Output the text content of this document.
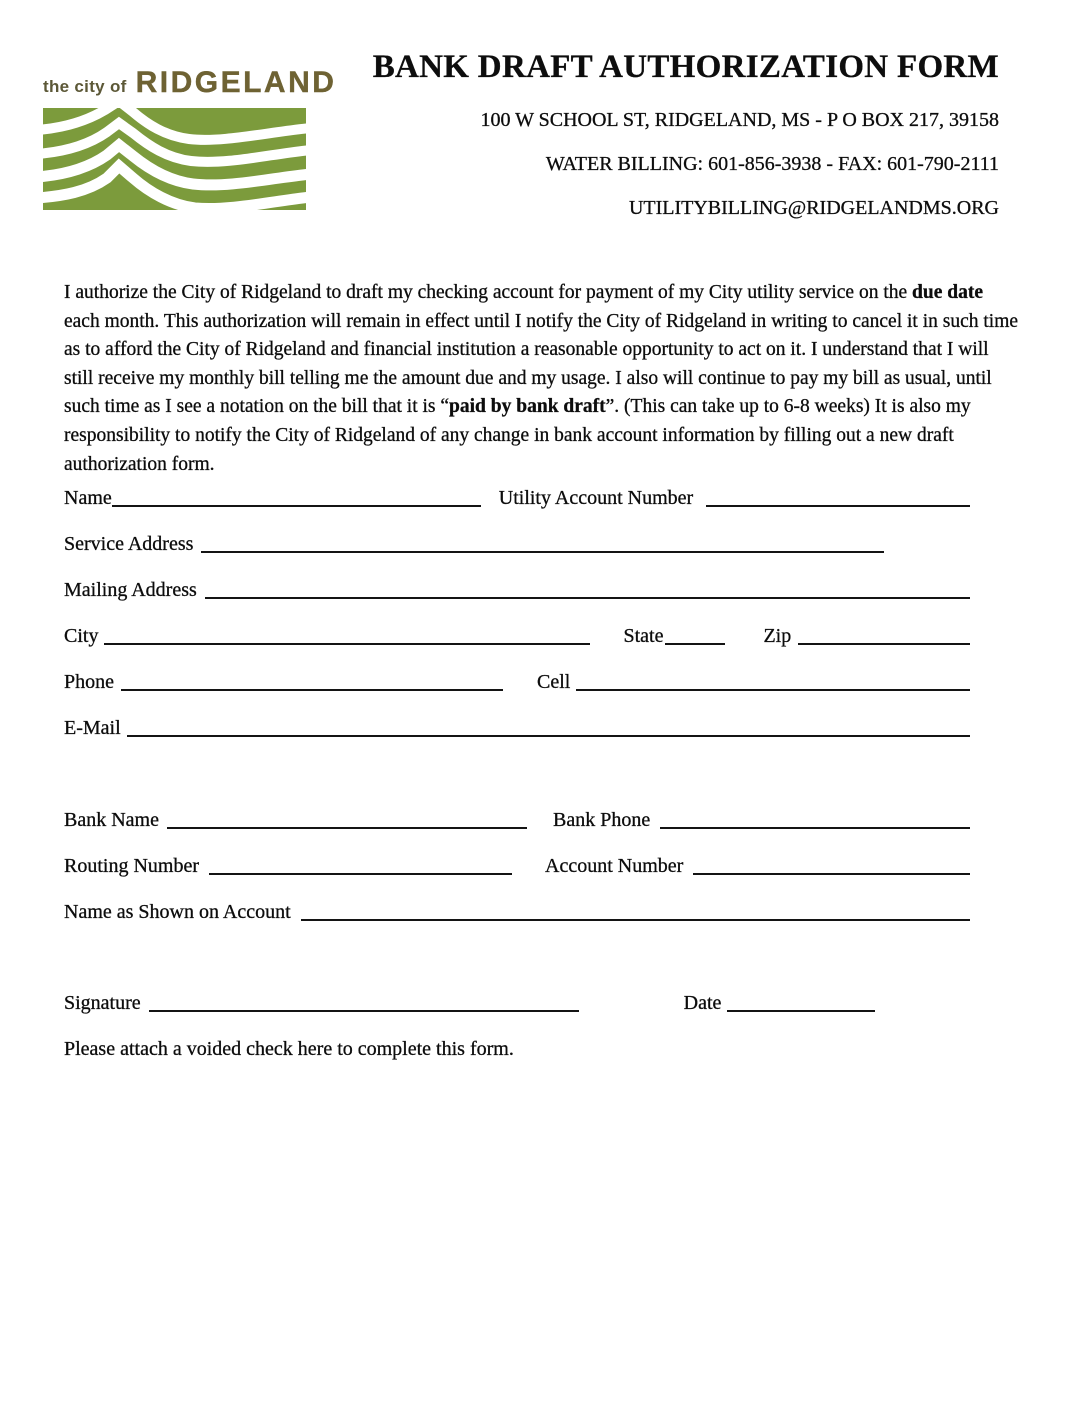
the city of RIDGELAND	BANK DRAFT AUTHORIZATION FORM
100 W SCHOOL ST, RIDGELAND, MS - P O BOX 217, 39158
WATER BILLING: 601-856-3938 - FAX: 601-790-2111
UTILITYBILLING@RIDGELANDMS.ORG
I authorize the City of Ridgeland to draft my checking account for payment of my City utility service on the due date each month. This authorization will remain in effect until I notify the City of Ridgeland in writing to cancel it in such time as to afford the City of Ridgeland and financial institution a reasonable opportunity to act on it. I understand that I will still receive my monthly bill telling me the amount due and my usage. I also will continue to pay my bill as usual, until such time as I see a notation on the bill that it is “paid by bank draft”. (This can take up to 6-8 weeks) It is also my responsibility to notify the City of Ridgeland of any change in bank account information by filling out a new draft authorization form.
Name	Utility Account Number
Service Address
Mailing Address
City	State	Zip
Phone	Cell
E-Mail
Bank Name	Bank Phone
Routing Number	Account Number
Name as Shown on Account
Signature	Date
Please attach a voided check here to complete this form.
